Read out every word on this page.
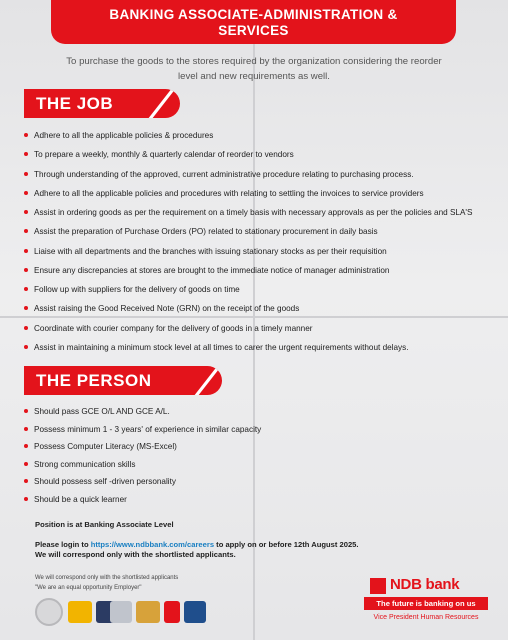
BANKING ASSOCIATE-ADMINISTRATION &
SERVICES
To purchase the goods to the stores required by the organization considering the reorder
level and new requirements as well.
THE JOB
Adhere to all the applicable policies & procedures
To prepare a weekly, monthly & quarterly calendar of reorder to vendors
Through understanding of the approved, current administrative procedure relating to purchasing process.
Adhere to all the applicable policies and procedures with relating to settling the invoices to service providers
Assist in ordering goods as per the requirement on a timely basis with necessary approvals as per the policies and SLA'S
Assist the preparation of Purchase Orders (PO) related to stationary procurement in daily basis
Liaise with all departments and the branches with issuing stationary stocks as per their requisition
Ensure any discrepancies at stores are brought to the immediate notice of manager administration
Follow up with suppliers for the delivery of goods on time
Assist raising the Good Received Note (GRN) on the receipt of the goods
Coordinate with courier company for the delivery of goods in a timely manner
Assist in maintaining a minimum stock level at all times to carer the urgent requirements without delays.
THE PERSON
Should pass GCE O/L AND GCE A/L.
Possess minimum 1 - 3 years' of experience in similar capacity
Possess Computer Literacy (MS-Excel)
Strong communication skills
Should possess self -driven personality
Should be a quick learner
Position is at Banking Associate Level
Please login to https://www.ndbbank.com/careers to apply on or before 12th August 2025.
We will correspond only with the shortlisted applicants.
We will correspond only with the shortlisted applicants
"We are an equal opportunity Employer"	NDB bank
The future is banking on us
Vice President Human Resources
